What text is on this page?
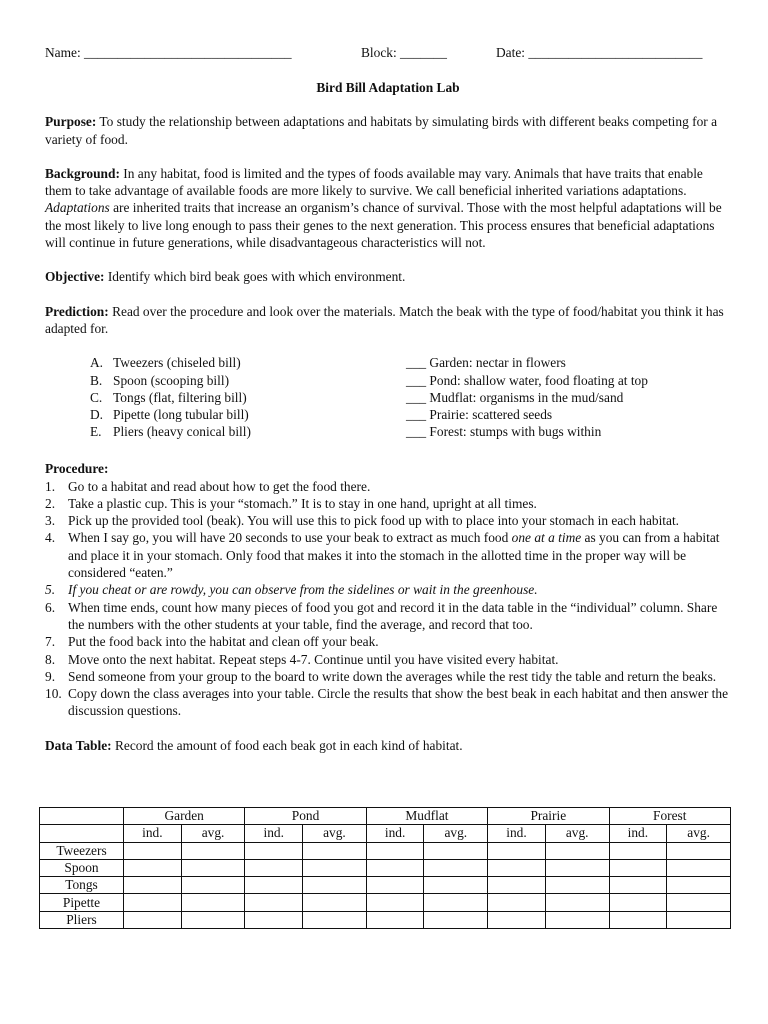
Name: _______________________________	Block: _______	Date: __________________________
Bird Bill Adaptation Lab
Purpose: To study the relationship between adaptations and habitats by simulating birds with different beaks competing for a variety of food.
Background: In any habitat, food is limited and the types of foods available may vary. Animals that have traits that enable them to take advantage of available foods are more likely to survive. We call beneficial inherited variations adaptations. Adaptations are inherited traits that increase an organism’s chance of survival. Those with the most helpful adaptations will be the most likely to live long enough to pass their genes to the next generation. This process ensures that beneficial adaptations will continue in future generations, while disadvantageous characteristics will not.
Objective: Identify which bird beak goes with which environment.
Prediction: Read over the procedure and look over the materials. Match the beak with the type of food/habitat you think it has adapted for.
A. Tweezers (chiseled bill)
B. Spoon (scooping bill)
C. Tongs (flat, filtering bill)
D. Pipette (long tubular bill)
E. Pliers (heavy conical bill)
___ Garden: nectar in flowers
___ Pond: shallow water, food floating at top
___ Mudflat: organisms in the mud/sand
___ Prairie: scattered seeds
___ Forest: stumps with bugs within
Procedure:
1. Go to a habitat and read about how to get the food there.
2. Take a plastic cup. This is your “stomach.” It is to stay in one hand, upright at all times.
3. Pick up the provided tool (beak). You will use this to pick food up with to place into your stomach in each habitat.
4. When I say go, you will have 20 seconds to use your beak to extract as much food one at a time as you can from a habitat and place it in your stomach. Only food that makes it into the stomach in the allotted time in the proper way will be considered “eaten.”
5. If you cheat or are rowdy, you can observe from the sidelines or wait in the greenhouse.
6. When time ends, count how many pieces of food you got and record it in the data table in the “individual” column. Share the numbers with the other students at your table, find the average, and record that too.
7. Put the food back into the habitat and clean off your beak.
8. Move onto the next habitat. Repeat steps 4-7. Continue until you have visited every habitat.
9. Send someone from your group to the board to write down the averages while the rest tidy the table and return the beaks.
10. Copy down the class averages into your table. Circle the results that show the best beak in each habitat and then answer the discussion questions.
Data Table: Record the amount of food each beak got in each kind of habitat.
	Garden		Pond		Mudflat		Prairie		Forest	
	ind.	avg.	ind.	avg.	ind.	avg.	ind.	avg.	ind.	avg.
Tweezers										
Spoon										
Tongs										
Pipette										
Pliers										
